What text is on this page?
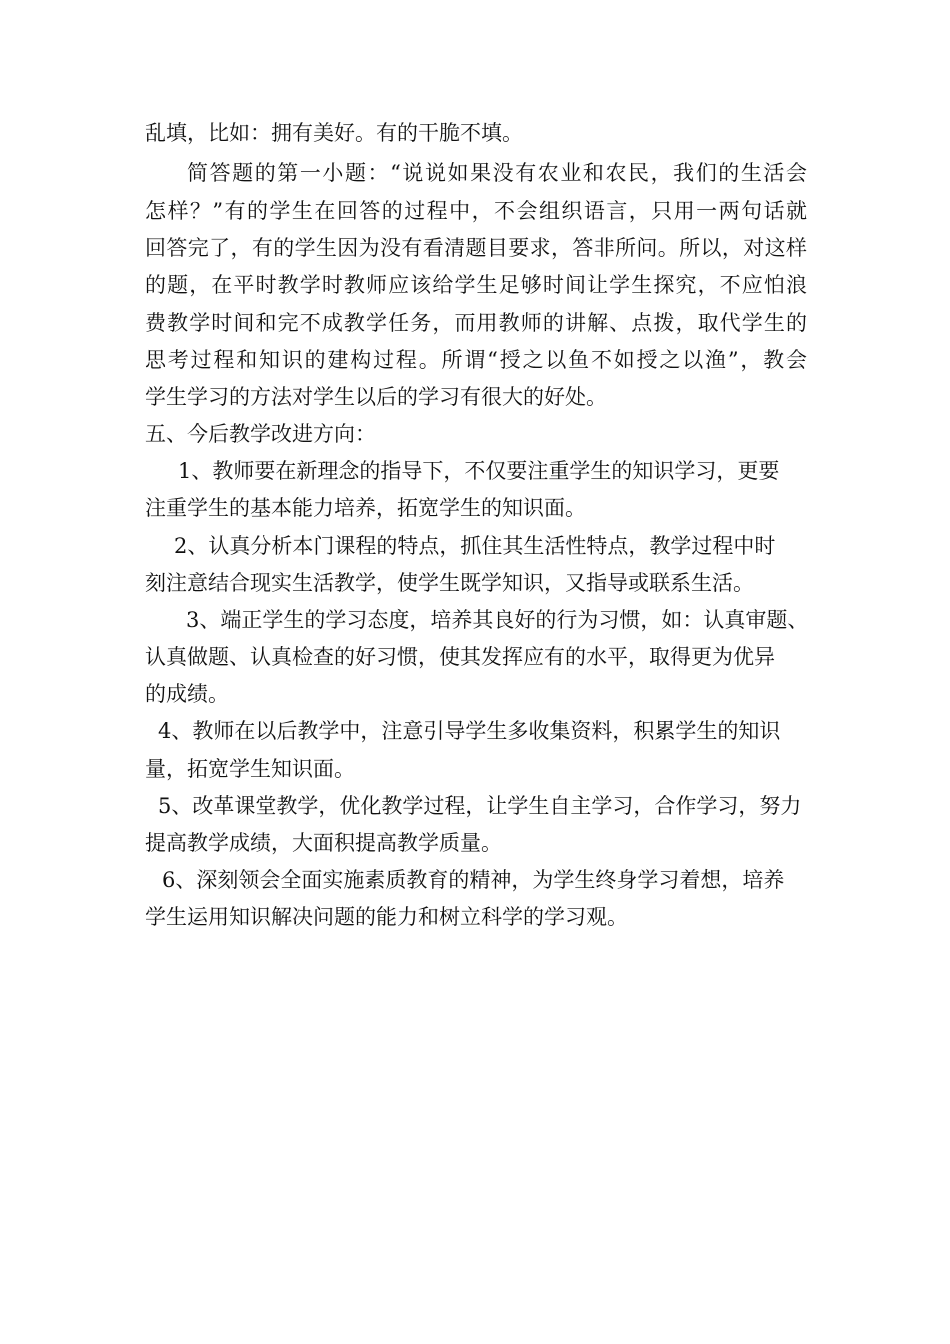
乱填，比如：拥有美好。有的干脆不填。
简答题的第一小题：“说说如果没有农业和农民，我们的生活会
怎样？”有的学生在回答的过程中，不会组织语言，只用一两句话就
回答完了，有的学生因为没有看清题目要求，答非所问。所以，对这样
的题，在平时教学时教师应该给学生足够时间让学生探究，不应怕浪
费教学时间和完不成教学任务，而用教师的讲解、点拨，取代学生的
思考过程和知识的建构过程。所谓“授之以鱼不如授之以渔”，教会
学生学习的方法对学生以后的学习有很大的好处。
五、今后教学改进方向：
1、教师要在新理念的指导下，不仅要注重学生的知识学习，更要
注重学生的基本能力培养，拓宽学生的知识面。
2、认真分析本门课程的特点，抓住其生活性特点，教学过程中时
刻注意结合现实生活教学，使学生既学知识，又指导或联系生活。
3、端正学生的学习态度，培养其良好的行为习惯，如：认真审题、
认真做题、认真检查的好习惯，使其发挥应有的水平，取得更为优异
的成绩。
4、教师在以后教学中，注意引导学生多收集资料，积累学生的知识
量，拓宽学生知识面。
5、改革课堂教学，优化教学过程，让学生自主学习，合作学习，努力
提高教学成绩，大面积提高教学质量。
6、深刻领会全面实施素质教育的精神，为学生终身学习着想，培养
学生运用知识解决问题的能力和树立科学的学习观。
